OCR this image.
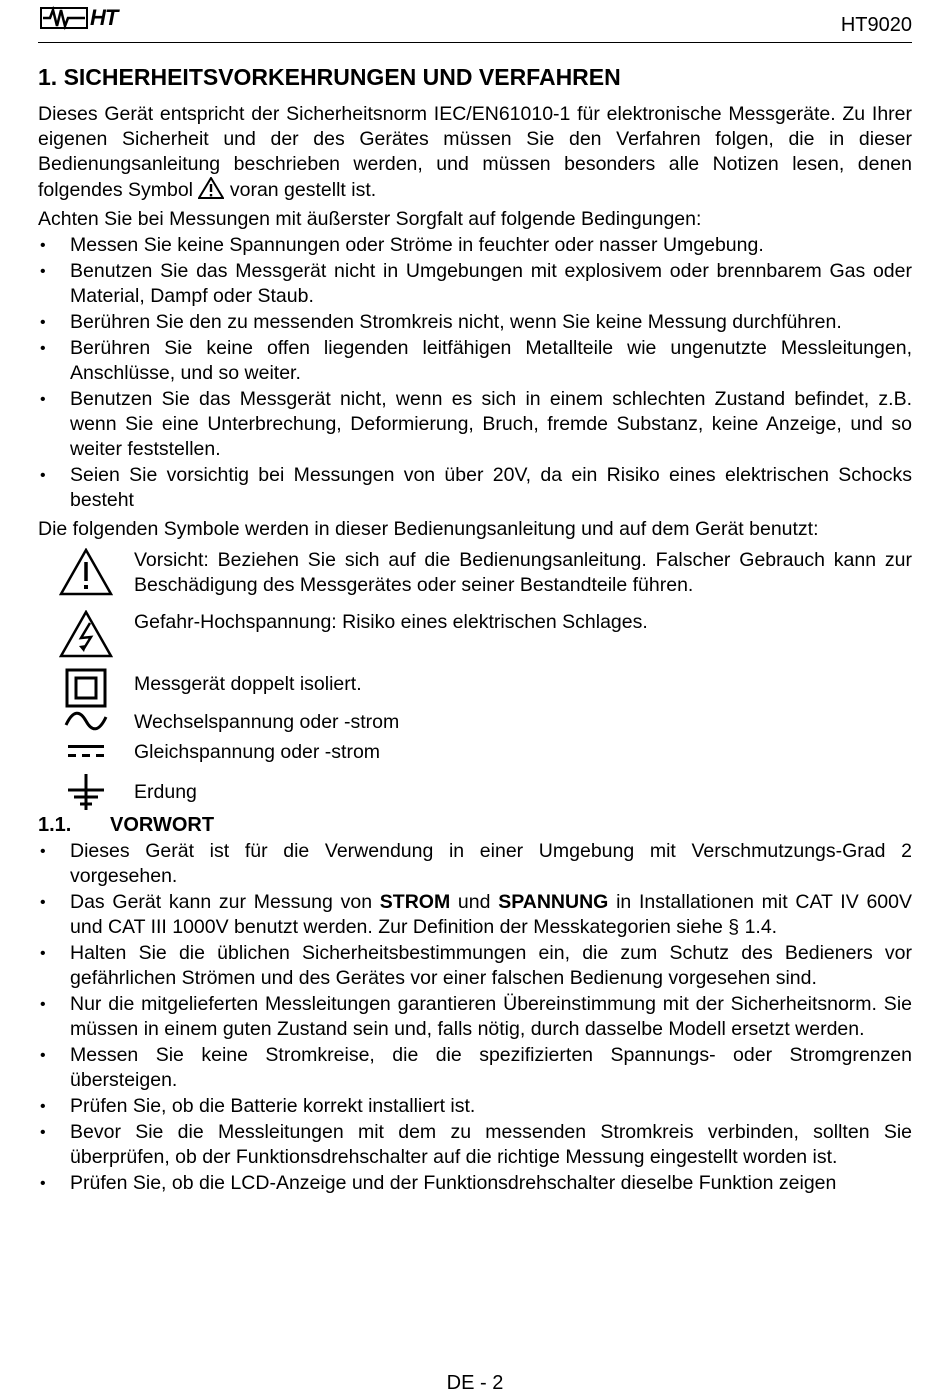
HT	HT9020
1. SICHERHEITSVORKEHRUNGEN UND VERFAHREN

Dieses Gerät entspricht der Sicherheitsnorm IEC/EN61010-1 für elektronische Messgeräte. Zu Ihrer eigenen Sicherheit und der des Gerätes müssen Sie den Verfahren folgen, die in dieser Bedienungsanleitung beschrieben werden, und müssen besonders alle Notizen lesen, denen folgendes Symbol voran gestellt ist.

Achten Sie bei Messungen mit äußerster Sorgfalt auf folgende Bedingungen:

• Messen Sie keine Spannungen oder Ströme in feuchter oder nasser Umgebung.
• Benutzen Sie das Messgerät nicht in Umgebungen mit explosivem oder brennbarem Gas oder Material, Dampf oder Staub.
• Berühren Sie den zu messenden Stromkreis nicht, wenn Sie keine Messung durchführen.
• Berühren Sie keine offen liegenden leitfähigen Metallteile wie ungenutzte Messleitungen, Anschlüsse, und so weiter.
• Benutzen Sie das Messgerät nicht, wenn es sich in einem schlechten Zustand befindet, z.B. wenn Sie eine Unterbrechung, Deformierung, Bruch, fremde Substanz, keine Anzeige, und so weiter feststellen.
• Seien Sie vorsichtig bei Messungen von über 20V, da ein Risiko eines elektrischen Schocks besteht

Die folgenden Symbole werden in dieser Bedienungsanleitung und auf dem Gerät benutzt:

Vorsicht: Beziehen Sie sich auf die Bedienungsanleitung. Falscher Gebrauch kann zur Beschädigung des Messgerätes oder seiner Bestandteile führen.
Gefahr-Hochspannung: Risiko eines elektrischen Schlages.
Messgerät doppelt isoliert.
Wechselspannung oder -strom
Gleichspannung oder -strom
Erdung
1.1.	VORWORT
• Dieses Gerät ist für die Verwendung in einer Umgebung mit Verschmutzungs-Grad 2 vorgesehen.
• Das Gerät kann zur Messung von STROM und SPANNUNG in Installationen mit CAT IV 600V und CAT III 1000V benutzt werden. Zur Definition der Messkategorien siehe § 1.4.
• Halten Sie die üblichen Sicherheitsbestimmungen ein, die zum Schutz des Bedieners vor gefährlichen Strömen und des Gerätes vor einer falschen Bedienung vorgesehen sind.
• Nur die mitgelieferten Messleitungen garantieren Übereinstimmung mit der Sicherheitsnorm. Sie müssen in einem guten Zustand sein und, falls nötig, durch dasselbe Modell ersetzt werden.
• Messen Sie keine Stromkreise, die die spezifizierten Spannungs- oder Stromgrenzen übersteigen.
• Prüfen Sie, ob die Batterie korrekt installiert ist.
• Bevor Sie die Messleitungen mit dem zu messenden Stromkreis verbinden, sollten Sie überprüfen, ob der Funktionsdrehschalter auf die richtige Messung eingestellt worden ist.
• Prüfen Sie, ob die LCD-Anzeige und der Funktionsdrehschalter dieselbe Funktion zeigen
DE - 2
